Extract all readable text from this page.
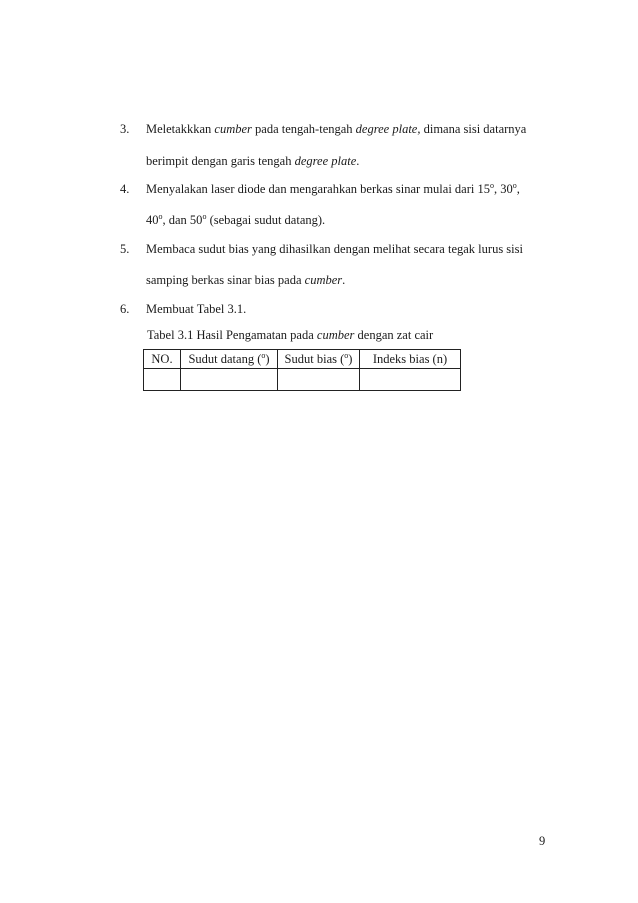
3. Meletakkkan cumber pada tengah-tengah degree plate, dimana sisi datarnya
berimpit dengan garis tengah degree plate.
4. Menyalakan laser diode dan mengarahkan berkas sinar mulai dari 15$^o$, 30$^o$,
40$^o$, dan 50$^o$ (sebagai sudut datang).
5. Membaca sudut bias yang dihasilkan dengan melihat secara tegak lurus sisi
samping berkas sinar bias pada cumber.
6. Membuat Tabel 3.1.
Tabel 3.1 Hasil Pengamatan pada cumber dengan zat cair
NO.	Sudut datang ($^o$)	Sudut bias ($^o$)	Indeks bias (n)

9
